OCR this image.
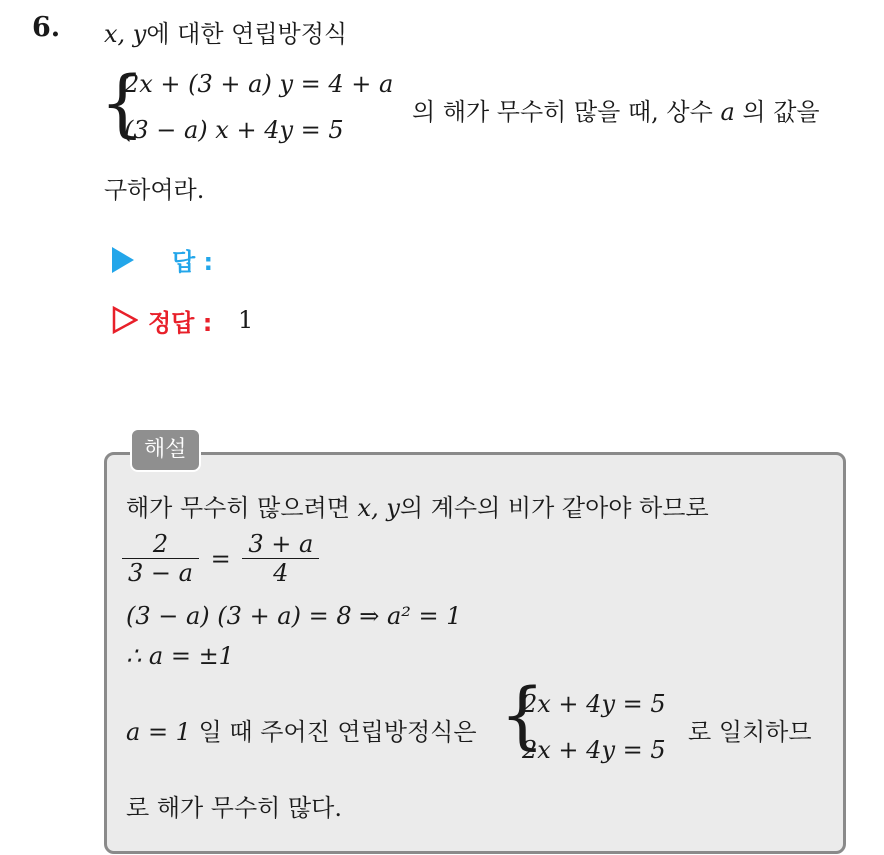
6. x, y에 대한 연립방정식
{
2x + (3 + a) y = 4 + a
(3 − a) x + 4y = 5
의 해가 무수히 많을 때, 상수 a 의 값을
구하여라.
답 :
정답 : 1
해설
해가 무수히 많으려면 x, y의 계수의 비가 같아야 하므로
$\frac{2}{3 - a} = \frac{3 + a}{4}$
(3 − a) (3 + a) = 8 ⇒ a² = 1
∴ a = ±1
a = 1 일 때 주어진 연립방정식은 {
2x + 4y = 5
2x + 4y = 5
로 일치하므
로 해가 무수히 많다.
